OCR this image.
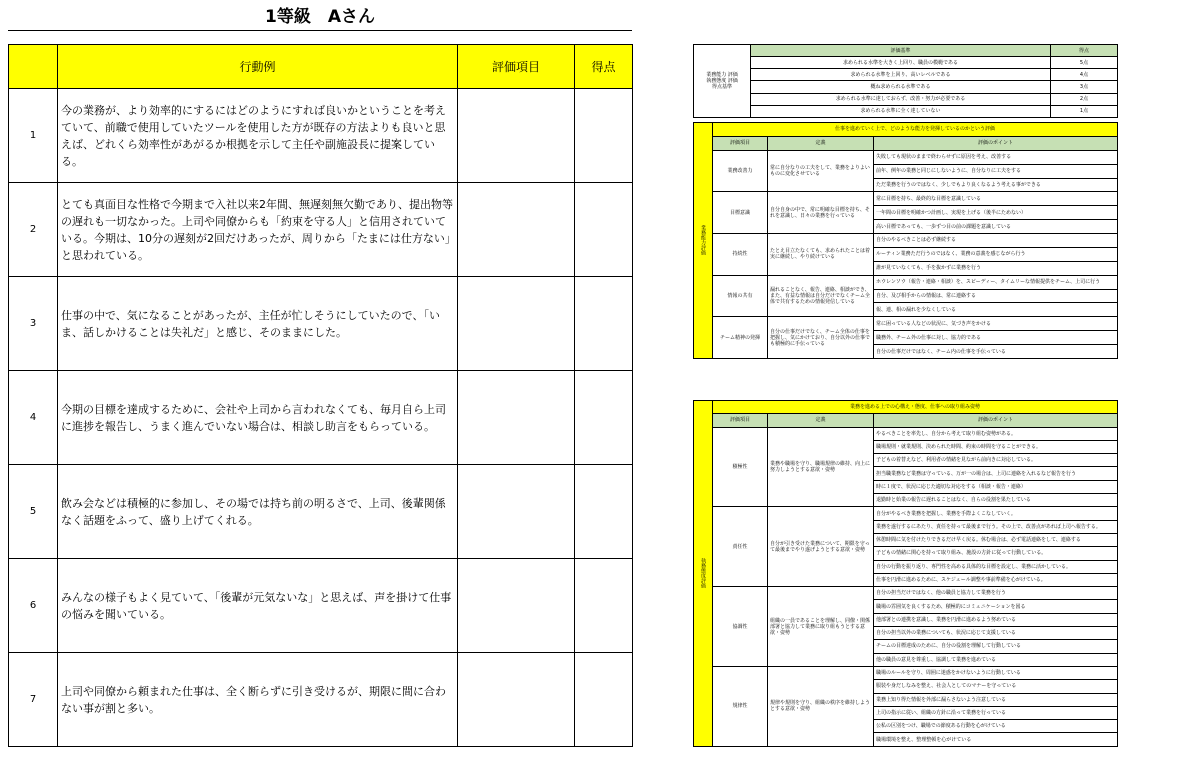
1等級　Aさん
	行動例	評価項目	得点
1	今の業務が、より効率的にするにはどのようにすれば良いかということを考えていて、前職で使用していたツールを使用した方が既存の方法よりも良いと思えば、どれくら効率性があがるか根拠を示して主任や副施設長に提案している。		
2	とても真面目な性格で今期まで入社以来2年間、無遅刻無欠勤であり、提出物等の遅れも一切なかった。上司や同僚からも「約束を守る人」と信用されていている。今期は、10分の遅刻が2回だけあったが、周りから「たまには仕方ない」と思われている。		
3	仕事の中で、気になることがあったが、主任が忙しそうにしていたので、「いま、話しかけることは失礼だ」と感じ、そのままにした。		
4	今期の目標を達成するために、会社や上司から言われなくても、毎月自ら上司に進捗を報告し、うまく進んでいない場合は、相談し助言をもらっている。		
5	飲み会などは積極的に参加し、その場では持ち前の明るさで、上司、後輩関係なく話題をふって、盛り上げてくれる。		
6	みんなの様子もよく見ていて、「後輩が元気ないな」と思えば、声を掛けて仕事の悩みを聞いている。		
7	上司や同僚から頼まれた仕事は、全く断らずに引き受けるが、期限に間に合わない事が割と多い。		
業務能力 評価
執務態度 評価
得点基準	評価基準	得点
	求められる水準を大きく上回り、職員の模範である	5点
	求められる水準を上回り、高いレベルである	4点
	概ね求められる水準である	3点
	求められる水準に達しておらず、改善・努力が必要である	2点
	求められる水準に全く達していない	1点
業務能力評価	仕事を進めていく上で、どのような能力を発揮しているのかという評価		
	評価項目	定義	評価のポイント
	業務改善力	常に自分なりの工夫をして、業務をよりよいものに変化させている	失敗しても現状のままで終わらせずに原因を考え、改善する
			前年、例年の業務と同じにしないように、自分なりに工夫をする
			ただ業務を行うのではなく、少しでもより良くなるよう考える事ができる
	目標意識	自分自身の中で、常に明確な目標を持ち、それを意識し、日々の業務を行っている	常に目標を持ち、最終的な目標を意識している
			一年間の目標を明確かつ計画し、実現を上げる（後半にためない）
			高い目標であっても、一歩ずつ目の前の課題を意識している
	持続性	たとえ目立たなくても、求められたことは着実に継続し、やり続けている	自分のやるべきことは必ず継続する
			ルーティン業務ただ行うのではなく、業務の意義を感じながら行う
			誰が見ていなくても、手を抜かずに業務を行う
	情報の共有	漏れることなく、報告、連絡、相談ができ、また、有益な情報は自分だけでなくチーム全体で共有するための情報発信している	ホウレンソウ（報告・連絡・相談）を、スピーディー、タイムリーな情報提供をチーム、上司に行う
			自分、及び相手からの情報は、常に連絡する
			報、連、相の漏れを少なくしている
	チーム精神の発揮	自分の仕事だけでなく、チーム全体の仕事を把握し、気にかけており、自分以外の仕事でも積極的に手伝っている	常に困っている人などの状況に、気づき声をかける
			職務外、チーム外の仕事に対し、協力的である
			自分の仕事だけではなく、チーム内の仕事を手伝っている
執務態度評価	業務を進める上での心構え・態度、仕事への取り組み姿勢		
	評価項目	定義	評価のポイント
	積極性	業務や職場を守り、職場規律の維持、向上に努力しようとする意欲・姿勢	やるべきことを率先し、自分から考えて取り組む姿勢がある。
			職場規則・就業規則、決められた時間、約束の時間を守ることができる。
			子どもの着替えなど、利用者の情緒を見ながら前向きに対応している。
			担当職業務など業務は守っている、万が一の場合は、上司に連絡を入れるなど報告を行う
			時に１度で、状況に応じた適切な対応をする（相談・報告・連絡）
			退勤時と始業の報告に遅れることはなく、自らの役割を果たしている
	責任性	自分が引き受けた業務について、期限を守って最後までやり遂げようとする意欲・姿勢	自分がやるべき業務を把握し、業務を手際よくこなしていく。
			業務を遂行するにあたり、責任を持って最後まで行う。その上で、改善点があれば上司へ報告する。
			休憩時間に気を付けたりできるだけ早く戻る。休む場合は、必ず電話連絡をして、連絡する
			子どもの情緒に関心を持って取り組み、施設の方針に従って行動している。
			自分の行動を振り返り、専門性を高める具体的な目標を設定し、業務に活かしている。
			仕事を円滑に進めるために、スケジュール調整や事前準備を心がけている。
	協調性	組織の一員であることを理解し、同僚・関係部署と協力して業務に取り組もうとする意欲・姿勢	自分の担当だけではなく、他の職員と協力して業務を行う
			職場の雰囲気を良くするため、積極的にコミュニケーションを図る
			他部署との連携を意識し、業務を円滑に進めるよう努めている
			自分の担当以外の業務についても、状況に応じて支援している
			チームの目標達成のために、自分の役割を理解して行動している
			他の職員の意見を尊重し、協調して業務を進めている
	規律性	規律や規則を守り、組織の秩序を維持しようとする意欲・姿勢	職場のルールを守り、周囲に迷惑をかけないように行動している
			服装や身だしなみを整え、社会人としてのマナーを守っている
			業務上知り得た情報を外部に漏らさないよう注意している
			上司の指示に従い、組織の方針に沿って業務を行っている
			公私の区別をつけ、職場での節度ある行動を心がけている
			職場環境を整え、整理整頓を心がけている
